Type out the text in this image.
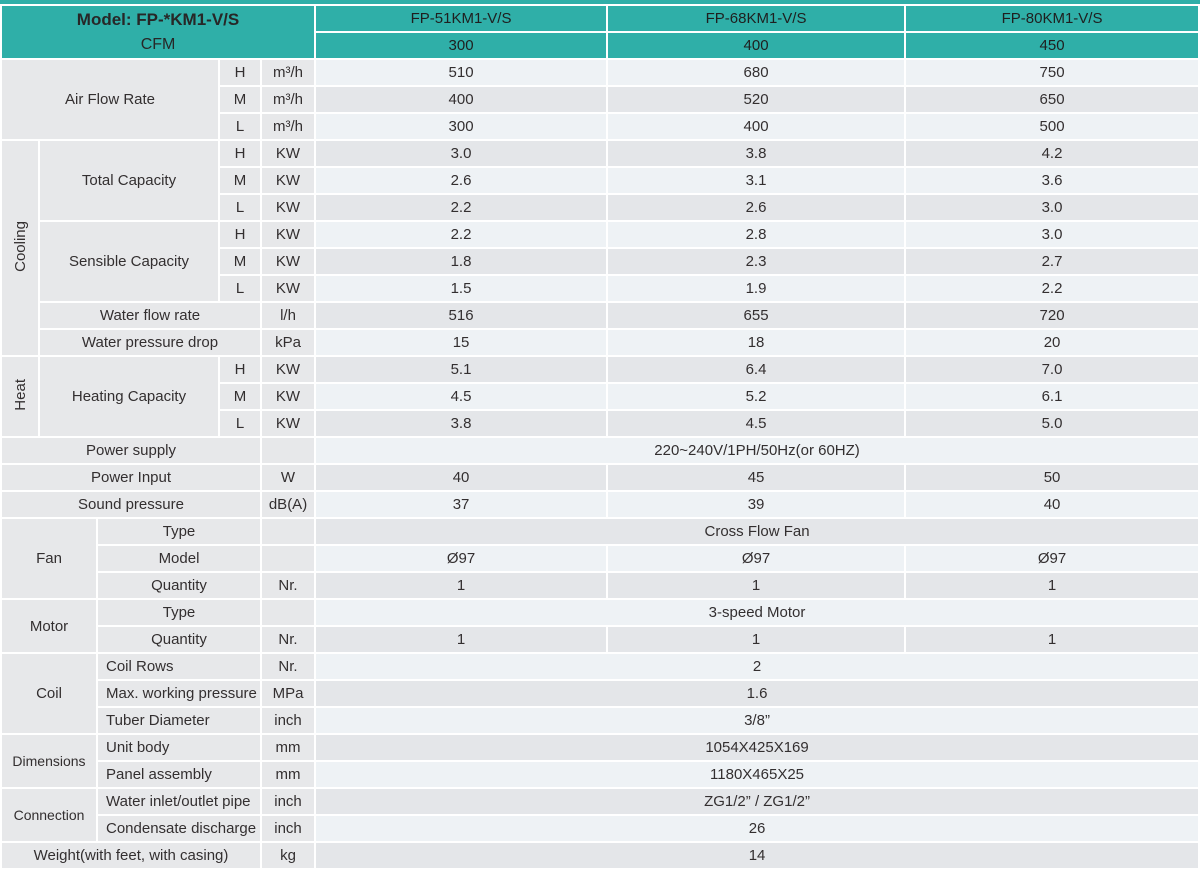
Model: FP-*KM1-V/S
CFM					FP-51KM1-V/S	FP-68KM1-V/S	FP-80KM1-V/S
					300	400	450
Air Flow Rate			H	m³/h	510	680	750
			M	m³/h	400	520	650
			L	m³/h	300	400	500
Cooling	Total Capacity		H	KW	3.0	3.8	4.2
			M	KW	2.6	3.1	3.6
			L	KW	2.2	2.6	3.0
	Sensible Capacity		H	KW	2.2	2.8	3.0
			M	KW	1.8	2.3	2.7
			L	KW	1.5	1.9	2.2
	Water flow rate			l/h	516	655	720
	Water pressure drop			kPa	15	18	20
Heat	Heating Capacity		H	KW	5.1	6.4	7.0
			M	KW	4.5	5.2	6.1
			L	KW	3.8	4.5	5.0
Power supply					220~240V/1PH/50Hz(or 60HZ)		
Power Input				W	40	45	50
Sound pressure				dB(A)	37	39	40
Fan		Type			Cross Flow Fan		
		Model			Ø97	Ø97	Ø97
		Quantity		Nr.	1	1	1
Motor		Type			3-speed Motor		
		Quantity		Nr.	1	1	1
Coil		Coil Rows		Nr.	2		
		Max. working pressure		MPa	1.6		
		Tuber Diameter		inch	3/8”		
Dimensions		Unit body		mm	1054X425X169		
		Panel assembly		mm	1180X465X25		
Connection		Water inlet/outlet pipe		inch	ZG1/2” / ZG1/2”		
		Condensate discharge		inch	26		
Weight(with feet, with casing)				kg	14		
